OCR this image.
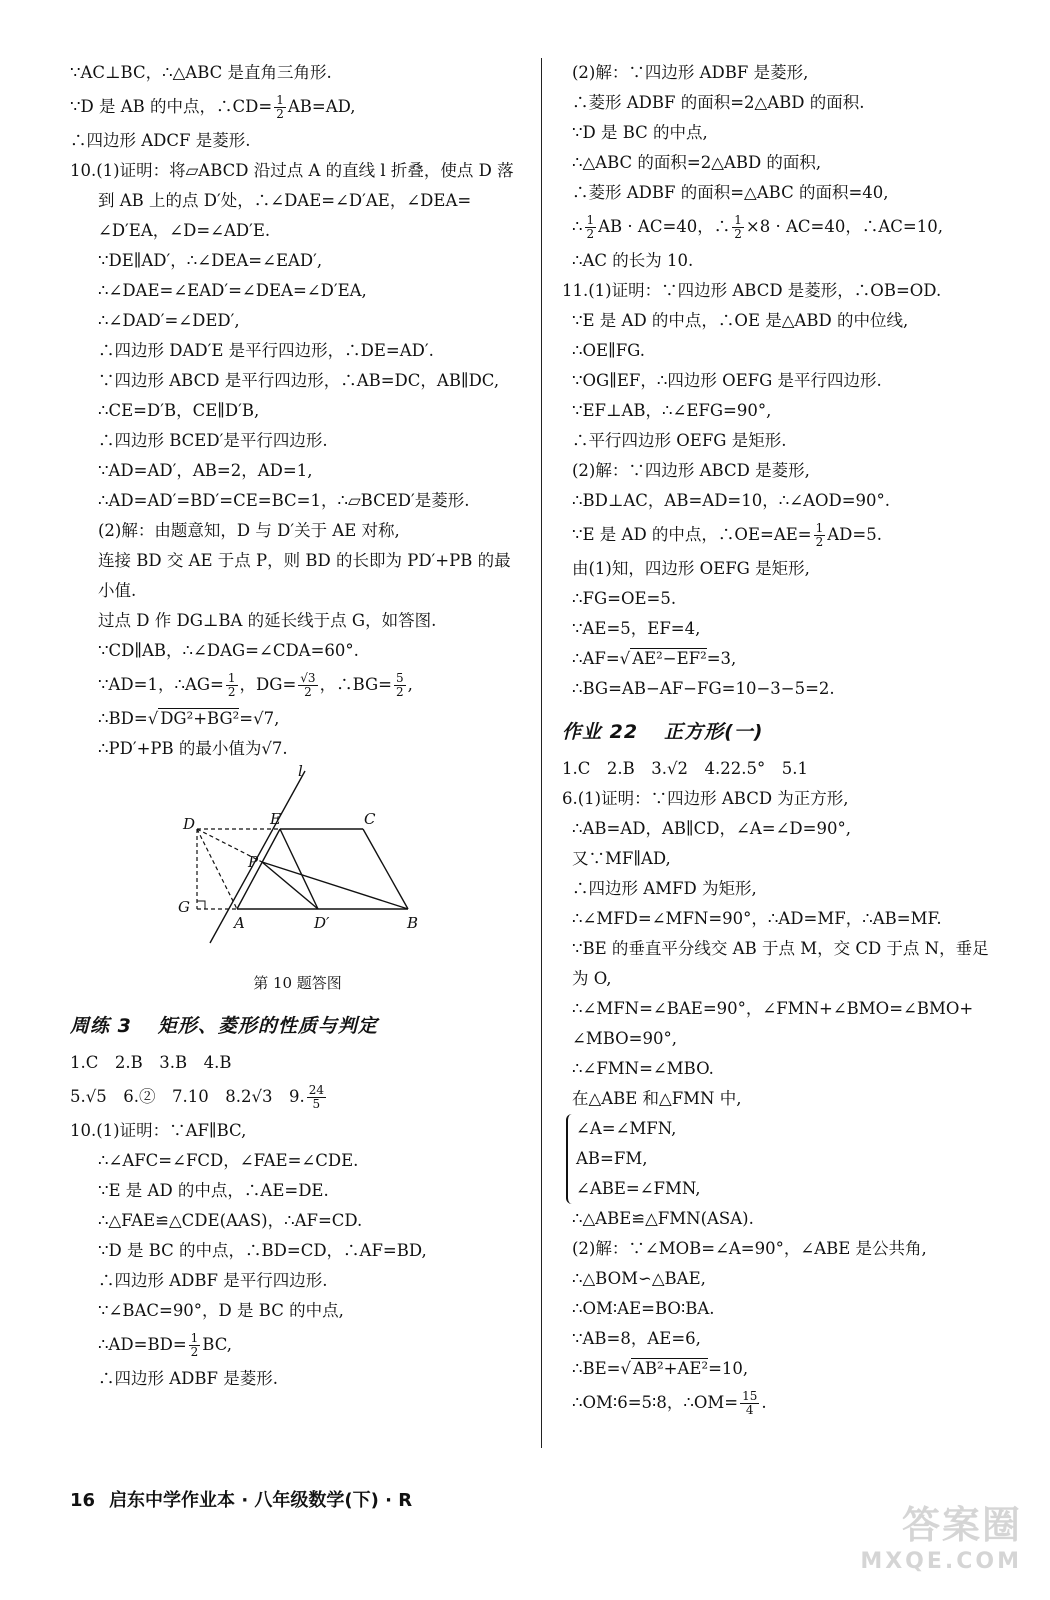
∵AC⊥BC，∴△ABC 是直角三角形.
∵D 是 AB 的中点，∴CD= $\frac{1}{2} AB=AD$,
∴四边形 ADCF 是菱形.
10.(1)证明：将▱ABCD 沿过点 A 的直线 l 折叠，使点 D 落
到 AB 上的点 D′处，∴∠DAE=∠D′AE，∠DEA=
∠D′EA，∠D=∠AD′E.
∵DE∥AD′，∴∠DEA=∠EAD′,
∴∠DAE=∠EAD′=∠DEA=∠D′EA,
∴∠DAD′=∠DED′,
∴四边形 DAD′E 是平行四边形，∴DE=AD′.
∵四边形 ABCD 是平行四边形，∴AB=DC，AB∥DC,
∴CE=D′B，CE∥D′B,
∴四边形 BCED′是平行四边形.
∵AD=AD′，AB=2，AD=1,
∴AD=AD′=BD′=CE=BC=1，∴▱BCED′是菱形.
(2)解：由题意知，D 与 D′关于 AE 对称,
连接 BD 交 AE 于点 P，则 BD 的长即为 PD′+PB 的最
小值.
过点 D 作 DG⊥BA 的延长线于点 G，如答图.
∵CD∥AB，∴∠DAG=∠CDA=60°.
∵AD=1，∴AG= $\frac{1}{2}$ ，$DG= \frac{√3}{2}$ ，∴BG= $\frac{5}{2}$ ,
∴BD=√ DG²+BG²=√7,
∴PD′+PB 的最小值为√7.
l
D	E	C
P
G
A	D′	B
第 10 题答图
周练 3 矩形、菱形的性质与判定
1.C　2.B　3.B　4.B
5.√5　6.②　7.10　8.2√3　9. $\frac{24}{5}$
10.(1)证明：∵AF∥BC,
∴∠AFC=∠FCD，∠FAE=∠CDE.
∵E 是 AD 的中点，∴AE=DE.
∴△FAE≌△CDE(AAS)，∴AF=CD.
∵D 是 BC 的中点，∴BD=CD，∴AF=BD,
∴四边形 ADBF 是平行四边形.
∵∠BAC=90°，D 是 BC 的中点,
∴AD=BD= $\frac{1}{2}$ BC,
∴四边形 ADBF 是菱形.
(2)解：∵四边形 ADBF 是菱形,
∴菱形 ADBF 的面积=2△ABD 的面积.
∵D 是 BC 的中点,
∴△ABC 的面积=2△ABD 的面积,
∴菱形 ADBF 的面积=△ABC 的面积=40,
∴ $\frac{1}{2}$ AB · AC=40，∴ $\frac{1}{2} \times 8 \cdot AC=40$，∴AC=10,
∴AC 的长为 10.
11.(1)证明：∵四边形 ABCD 是菱形，∴OB=OD.
∵E 是 AD 的中点，∴OE 是△ABD 的中位线,
∴OE∥FG.
∵OG∥EF，∴四边形 OEFG 是平行四边形.
∵EF⊥AB，∴∠EFG=90°,
∴平行四边形 OEFG 是矩形.
(2)解：∵四边形 ABCD 是菱形,
∴BD⊥AC，AB=AD=10，∴∠AOD=90°.
∵E 是 AD 的中点，∴OE=AE= $\frac{1}{2} AD=5$.
由(1)知，四边形 OEFG 是矩形,
∴FG=OE=5.
∵AE=5，EF=4,
∴AF=√ AE²−EF²=3,
∴BG=AB−AF−FG=10−3−5=2.
作业 22 正方形(一)
1.C　2.B　3.√2　4.22.5°　5.1
6.(1)证明：∵四边形 ABCD 为正方形,
∴AB=AD，AB∥CD，∠A=∠D=90°,
又∵MF∥AD,
∴四边形 AMFD 为矩形,
∴∠MFD=∠MFN=90°，∴AD=MF，∴AB=MF.
∵BE 的垂直平分线交 AB 于点 M，交 CD 于点 N，垂足
为 O,
∴∠MFN=∠BAE=90°，∠FMN+∠BMO=∠BMO+
∠MBO=90°,
∴∠FMN=∠MBO.
在△ABE 和△FMN 中,
∠A=∠MFN,
AB=FM,
∠ABE=∠FMN,
∴△ABE≌△FMN(ASA).
(2)解：∵∠MOB=∠A=90°，∠ABE 是公共角,
∴△BOM∽△BAE,
∴OM∶AE=BO∶BA.
∵AB=8，AE=6,
∴BE=√ AB²+AE²=10,
∴OM∶6=5∶8，∴OM= $\frac{15}{4}$ .
16 启东中学作业本 · 八年级数学(下) · R
答案圈
MXQE.COM
